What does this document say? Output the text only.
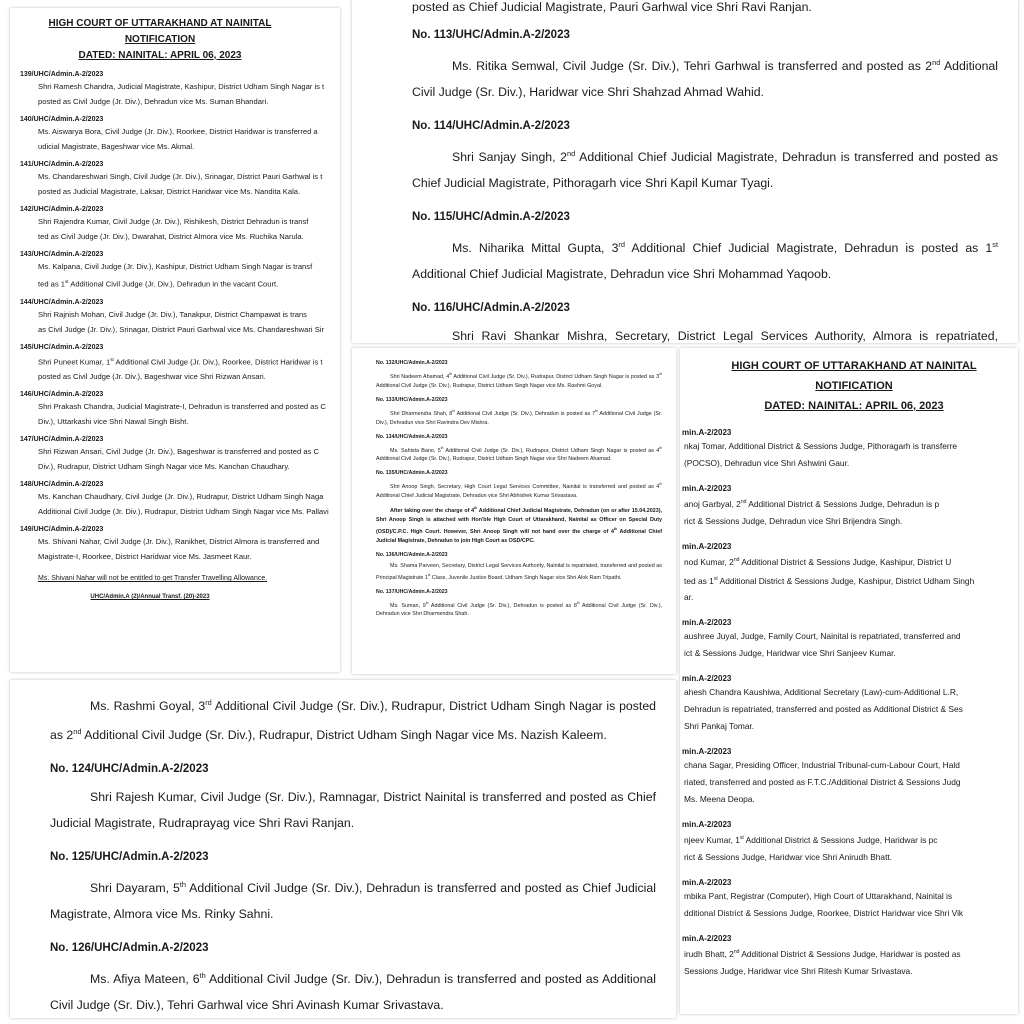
HIGH COURT OF UTTARAKHAND AT NAINITAL

NOTIFICATION

DATED: NAINITAL: APRIL 06, 2023

139/UHC/Admin.A-2/2023

Shri Ramesh Chandra, Judicial Magistrate, Kashipur, District Udham Singh Nagar is t

posted as Civil Judge (Jr. Div.), Dehradun vice Ms. Suman Bhandari.

140/UHC/Admin.A-2/2023

Ms. Aiswarya Bora, Civil Judge (Jr. Div.), Roorkee, District Haridwar is transferred a

udicial Magistrate, Bageshwar vice Ms. Akmal.

141/UHC/Admin.A-2/2023

Ms. Chandareshwari Singh, Civil Judge (Jr. Div.), Srinagar, District Pauri Garhwal is t

posted as Judicial Magistrate, Laksar, District Haridwar vice Ms. Nandita Kala.

142/UHC/Admin.A-2/2023

Shri Rajendra Kumar, Civil Judge (Jr. Div.), Rishikesh, District Dehradun is transf

ted as Civil Judge (Jr. Div.), Dwarahat, District Almora vice Ms. Ruchika Narula.

143/UHC/Admin.A-2/2023

Ms. Kalpana, Civil Judge (Jr. Div.), Kashipur, District Udham Singh Nagar is transf

ted as 1st Additional Civil Judge (Jr. Div.), Dehradun in the vacant Court.

144/UHC/Admin.A-2/2023

Shri Rajnish Mohan, Civil Judge (Jr. Div.), Tanakpur, District Champawat is trans

as Civil Judge (Jr. Div.), Srinagar, District Pauri Garhwal vice Ms. Chandareshwari Sir

145/UHC/Admin.A-2/2023

Shri Puneet Kumar, 1st Additional Civil Judge (Jr. Div.), Roorkee, District Haridwar is t

posted as Civil Judge (Jr. Div.), Bageshwar vice Shri Rizwan Ansari.

146/UHC/Admin.A-2/2023

Shri Prakash Chandra, Judicial Magistrate-I, Dehradun is transferred and posted as C

Div.), Uttarkashi vice Shri Nawal Singh Bisht.

147/UHC/Admin.A-2/2023

Shri Rizwan Ansari, Civil Judge (Jr. Div.), Bageshwar is transferred and posted as C

Div.), Rudrapur, District Udham Singh Nagar vice Ms. Kanchan Chaudhary.

148/UHC/Admin.A-2/2023

Ms. Kanchan Chaudhary, Civil Judge (Jr. Div.), Rudrapur, District Udham Singh Naga

Additional Civil Judge (Jr. Div.), Rudrapur, District Udham Singh Nagar vice Ms. Pallavi

149/UHC/Admin.A-2/2023

Ms. Shivani Nahar, Civil Judge (Jr. Div.), Ranikhet, District Almora is transferred and

Magistrate-I, Roorkee, District Haridwar vice Ms. Jasmeet Kaur.

Ms. Shivani Nahar will not be entitled to get Transfer Travelling Allowance.

UHC/Admin.A (2)/Annual Transf. (20)-2023

posted as Chief Judicial Magistrate, Pauri Garhwal vice Shri Ravi Ranjan.

No. 113/UHC/Admin.A-2/2023

Ms. Ritika Semwal, Civil Judge (Sr. Div.), Tehri Garhwal is transferred and posted as 2nd Additional Civil Judge (Sr. Div.), Haridwar vice Shri Shahzad Ahmad Wahid.

No. 114/UHC/Admin.A-2/2023

Shri Sanjay Singh, 2nd Additional Chief Judicial Magistrate, Dehradun is transferred and posted as Chief Judicial Magistrate, Pithoragarh vice Shri Kapil Kumar Tyagi.

No. 115/UHC/Admin.A-2/2023

Ms. Niharika Mittal Gupta, 3rd Additional Chief Judicial Magistrate, Dehradun is posted as 1st Additional Chief Judicial Magistrate, Dehradun vice Shri Mohammad Yaqoob.

No. 116/UHC/Admin.A-2/2023

Shri Ravi Shankar Mishra, Secretary, District Legal Services Authority, Almora is repatriated,

No. 132/UHC/Admin.A-2/2023

Shri Nadeem Ahamad, 4th Additional Civil Judge (Sr. Div.), Rudrapur, District Udham Singh Nagar is posted as 3rd Additional Civil Judge (Sr. Div.), Rudrapur, District Udham Singh Nagar vice Ms. Rashmi Goyal.

No. 133/UHC/Admin.A-2/2023

Shri Dharmendra Shah, 8th Additional Civil Judge (Sr. Div.), Dehradun is posted as 7th Additional Civil Judge (Sr. Div.), Dehradun vice Shri Ravindra Dev Mishra.

No. 134/UHC/Admin.A-2/2023

Ms. Sahista Bano, 5th Additional Civil Judge (Sr. Div.), Rudrapur, District Udham Singh Nagar is posted as 4th Additional Civil Judge (Sr. Div.), Rudrapur, District Udham Singh Nagar vice Shri Nadeem Ahamad.

No. 135/UHC/Admin.A-2/2023

Shri Anoop Singh, Secretary, High Court Legal Services Committee, Nainital is transferred and posted as 4th Additional Chief Judicial Magistrate, Dehradun vice Shri Abhishek Kumar Srivastava.

After taking over the charge of 4th Additional Chief Judicial Magistrate, Dehradun (on or after 15.04.2023), Shri Anoop Singh is attached with Hon'ble High Court of Uttarakhand, Nainital as Officer on Special Duty (OSD)/C.P.C. High Court. However, Shri Anoop Singh will not hand over the charge of 4th Additional Chief Judicial Magistrate, Dehradun to join High Court as OSD/CPC.

No. 136/UHC/Admin.A-2/2023

Ms. Shama Parveen, Secretary, District Legal Services Authority, Nainital is repatriated, transferred and posted as Principal Magistrate 1st Class, Juvenile Justice Board, Udham Singh Nagar vice Shri Alok Ram Tripathi.

No. 137/UHC/Admin.A-2/2023

Ms. Suman, 9th Additional Civil Judge (Sr. Div.), Dehradun is posted as 8th Additional Civil Judge (Sr. Div.), Dehradun vice Shri Dharmendra Shah.

HIGH COURT OF UTTARAKHAND AT NAINITAL

NOTIFICATION

DATED: NAINITAL: APRIL 06, 2023

min.A-2/2023

nkaj Tomar, Additional District & Sessions Judge, Pithoragarh is transferre

(POCSO), Dehradun vice Shri Ashwini Gaur.

min.A-2/2023

anoj Garbyal, 2nd Additional District & Sessions Judge, Dehradun is p

rict & Sessions Judge, Dehradun vice Shri Brijendra Singh.

min.A-2/2023

nod Kumar, 2nd Additional District & Sessions Judge, Kashipur, District U

ted as 1st Additional District & Sessions Judge, Kashipur, District Udham Singh

ar.

min.A-2/2023

aushree Juyal, Judge, Family Court, Nainital is repatriated, transferred and

ict & Sessions Judge, Haridwar vice Shri Sanjeev Kumar.

min.A-2/2023

ahesh Chandra Kaushiwa, Additional Secretary (Law)-cum-Additional L.R,

Dehradun is repatriated, transferred and posted as Additional District & Ses

Shri Pankaj Tomar.

min.A-2/2023

chana Sagar, Presiding Officer, Industrial Tribunal-cum-Labour Court, Hald

riated, transferred and posted as F.T.C./Additional District & Sessions Judg

Ms. Meena Deopa.

min.A-2/2023

njeev Kumar, 1st Additional District & Sessions Judge, Haridwar is pc

rict & Sessions Judge, Haridwar vice Shri Anirudh Bhatt.

min.A-2/2023

mbika Pant, Registrar (Computer), High Court of Uttarakhand, Nainital is

dditional District & Sessions Judge, Roorkee, District Haridwar vice Shri Vik

min.A-2/2023

irudh Bhatt, 2nd Additional District & Sessions Judge, Haridwar is posted as

Sessions Judge, Haridwar vice Shri Ritesh Kumar Srivastava.

Ms. Rashmi Goyal, 3rd Additional Civil Judge (Sr. Div.), Rudrapur, District Udham Singh Nagar is posted as 2nd Additional Civil Judge (Sr. Div.), Rudrapur, District Udham Singh Nagar vice Ms. Nazish Kaleem.

No. 124/UHC/Admin.A-2/2023

Shri Rajesh Kumar, Civil Judge (Sr. Div.), Ramnagar, District Nainital is transferred and posted as Chief Judicial Magistrate, Rudraprayag vice Shri Ravi Ranjan.

No. 125/UHC/Admin.A-2/2023

Shri Dayaram, 5th Additional Civil Judge (Sr. Div.), Dehradun is transferred and posted as Chief Judicial Magistrate, Almora vice Ms. Rinky Sahni.

No. 126/UHC/Admin.A-2/2023

Ms. Afiya Mateen, 6th Additional Civil Judge (Sr. Div.), Dehradun is transferred and posted as Additional Civil Judge (Sr. Div.), Tehri Garhwal vice Shri Avinash Kumar Srivastava.
